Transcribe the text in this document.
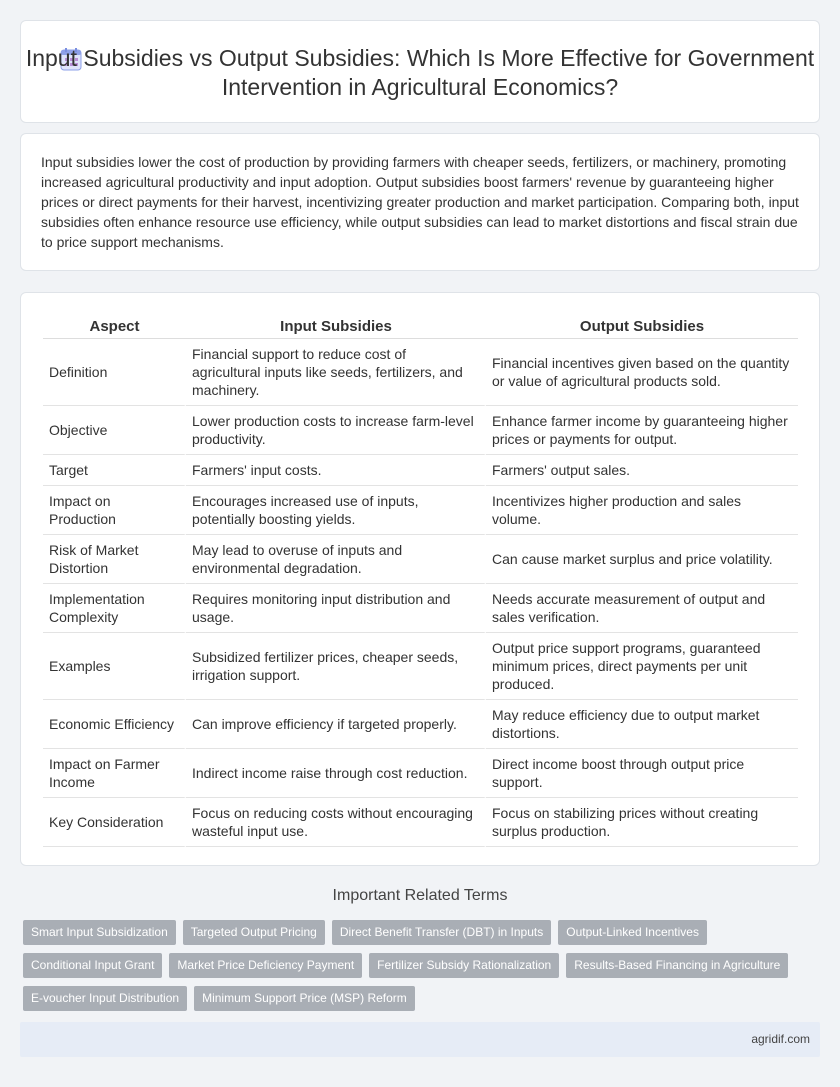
Input Subsidies vs Output Subsidies: Which Is More Effective for Government Intervention in Agricultural Economics?

Input subsidies lower the cost of production by providing farmers with cheaper seeds, fertilizers, or machinery, promoting increased agricultural productivity and input adoption. Output subsidies boost farmers' revenue by guaranteeing higher prices or direct payments for their harvest, incentivizing greater production and market participation. Comparing both, input subsidies often enhance resource use efficiency, while output subsidies can lead to market distortions and fiscal strain due to price support mechanisms.

Aspect	Input Subsidies	Output Subsidies
Definition	Financial support to reduce cost of agricultural inputs like seeds, fertilizers, and machinery.	Financial incentives given based on the quantity or value of agricultural products sold.
Objective	Lower production costs to increase farm-level productivity.	Enhance farmer income by guaranteeing higher prices or payments for output.
Target	Farmers' input costs.	Farmers' output sales.
Impact on Production	Encourages increased use of inputs, potentially boosting yields.	Incentivizes higher production and sales volume.
Risk of Market Distortion	May lead to overuse of inputs and environmental degradation.	Can cause market surplus and price volatility.
Implementation Complexity	Requires monitoring input distribution and usage.	Needs accurate measurement of output and sales verification.
Examples	Subsidized fertilizer prices, cheaper seeds, irrigation support.	Output price support programs, guaranteed minimum prices, direct payments per unit produced.
Economic Efficiency	Can improve efficiency if targeted properly.	May reduce efficiency due to output market distortions.
Impact on Farmer Income	Indirect income raise through cost reduction.	Direct income boost through output price support.
Key Consideration	Focus on reducing costs without encouraging wasteful input use.	Focus on stabilizing prices without creating surplus production.
Important Related Terms
Smart Input Subsidization	Targeted Output Pricing	Direct Benefit Transfer (DBT) in Inputs	Output-Linked Incentives
Conditional Input Grant	Market Price Deficiency Payment	Fertilizer Subsidy Rationalization	Results-Based Financing in Agriculture
E-voucher Input Distribution	Minimum Support Price (MSP) Reform
agridif.com
